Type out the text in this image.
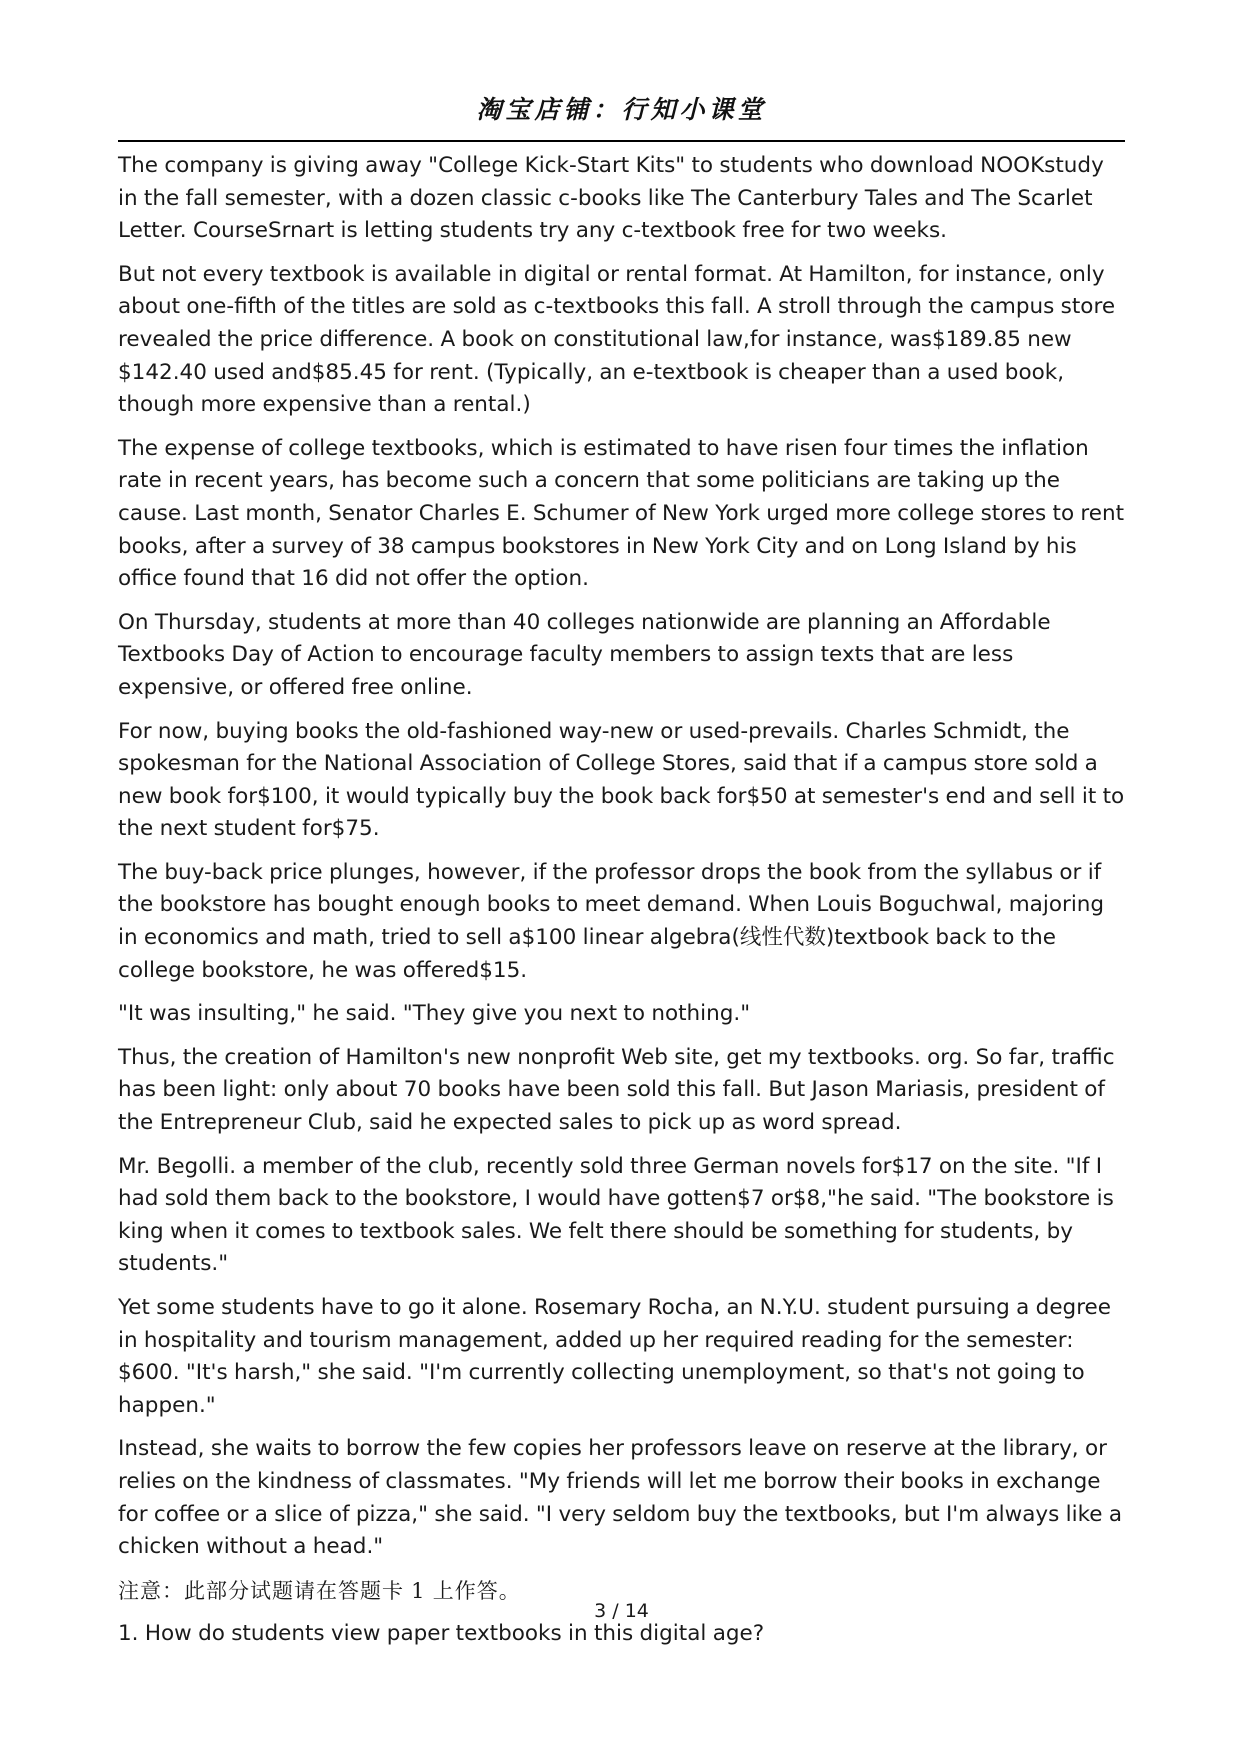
淘宝店铺：行知小课堂

The company is giving away "College Kick-Start Kits" to students who download NOOKstudy in the fall semester, with a dozen classic c-books like The Canterbury Tales and The Scarlet Letter. CourseSrnart is letting students try any c-textbook free for two weeks.

But not every textbook is available in digital or rental format. At Hamilton, for instance, only about one-fifth of the titles are sold as c-textbooks this fall. A stroll through the campus store revealed the price difference. A book on constitutional law,for instance, was$189.85 new $142.40 used and$85.45 for rent. (Typically, an e-textbook is cheaper than a used book, though more expensive than a rental.)

The expense of college textbooks, which is estimated to have risen four times the inflation rate in recent years, has become such a concern that some politicians are taking up the cause. Last month, Senator Charles E. Schumer of New York urged more college stores to rent books, after a survey of 38 campus bookstores in New York City and on Long Island by his office found that 16 did not offer the option.

On Thursday, students at more than 40 colleges nationwide are planning an Affordable Textbooks Day of Action to encourage faculty members to assign texts that are less expensive, or offered free online.

For now, buying books the old-fashioned way-new or used-prevails. Charles Schmidt, the spokesman for the National Association of College Stores, said that if a campus store sold a new book for$100, it would typically buy the book back for$50 at semester's end and sell it to the next student for$75.

The buy-back price plunges, however, if the professor drops the book from the syllabus or if the bookstore has bought enough books to meet demand. When Louis Boguchwal, majoring in economics and math, tried to sell a$100 linear algebra(线性代数)textbook back to the college bookstore, he was offered$15.

"It was insulting," he said. "They give you next to nothing."

Thus, the creation of Hamilton's new nonprofit Web site, get my textbooks. org. So far, traffic has been light: only about 70 books have been sold this fall. But Jason Mariasis, president of the Entrepreneur Club, said he expected sales to pick up as word spread.

Mr. Begolli. a member of the club, recently sold three German novels for$17 on the site. "If I had sold them back to the bookstore, I would have gotten$7 or$8,"he said. "The bookstore is king when it comes to textbook sales. We felt there should be something for students, by students."

Yet some students have to go it alone. Rosemary Rocha, an N.Y.U. student pursuing a degree in hospitality and tourism management, added up her required reading for the semester: $600. "It's harsh," she said. "I'm currently collecting unemployment, so that's not going to happen."

Instead, she waits to borrow the few copies her professors leave on reserve at the library, or relies on the kindness of classmates. "My friends will let me borrow their books in exchange for coffee or a slice of pizza," she said. "I very seldom buy the textbooks, but I'm always like a chicken without a head."

注意：此部分试题请在答题卡 1 上作答。

1. How do students view paper textbooks in this digital age?

3 / 14
